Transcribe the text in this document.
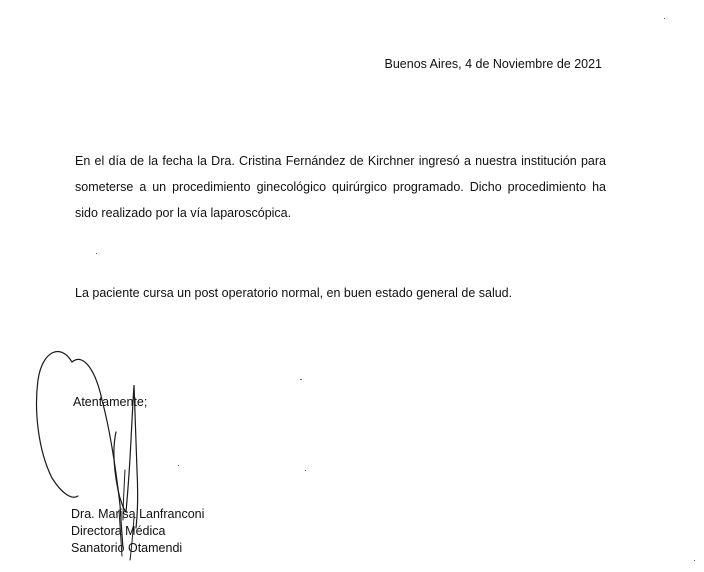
Buenos Aires, 4 de Noviembre de 2021

En el día de la fecha la Dra. Cristina Fernández de Kirchner ingresó a nuestra institución para someterse a un procedimiento ginecológico quirúrgico programado. Dicho procedimiento ha sido realizado por la vía laparoscópica.

La paciente cursa un post operatorio normal, en buen estado general de salud.

Atentamente;
Dra. Marisa Lanfranconi
Directora Médica
Sanatorio Otamendi
